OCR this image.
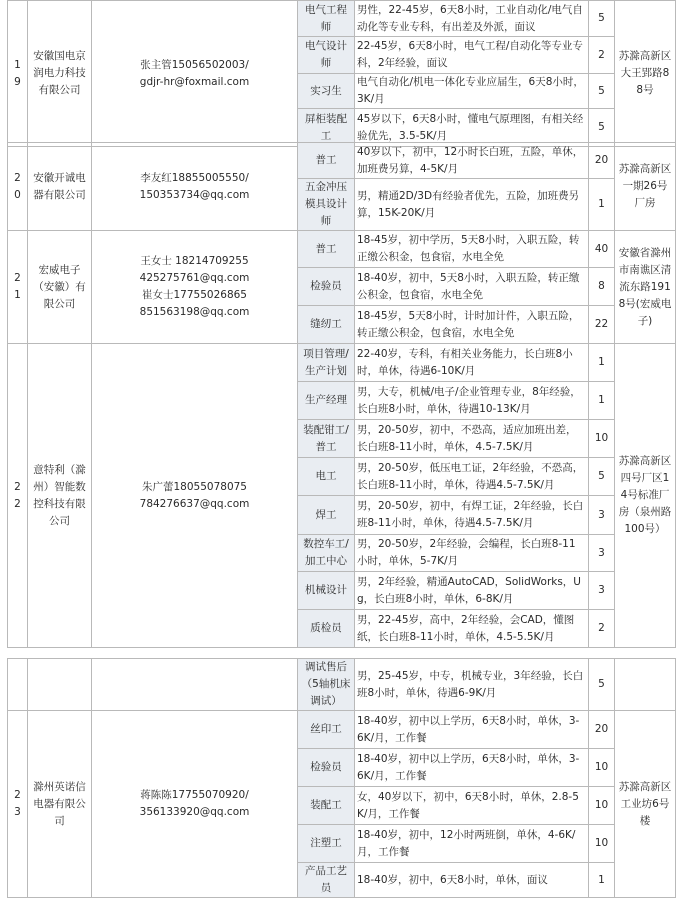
19	安徽国电京润电力科技有限公司	张主管15056502003/
gdjr-hr@foxmail.com	电气工程师	男性，22-45岁，6天8小时，工业自动化/电气自动化等专业专科，有出差及外派，面议	5	苏滁高新区大王郢路88号
			电气设计师	22-45岁，6天8小时，电气工程/自动化等专业专科，2年经验，面议	2	
			实习生	电气自动化/机电一体化专业应届生，6天8小时，3K/月	5	
			屏柜装配工	45岁以下，6天8小时，懂电气原理图，有相关经验优先，3.5-5K/月	5	
20	安徽开诚电器有限公司	李友红18855005550/
150353734@qq.com	普工	40岁以下，初中，12小时长白班，五险，单休，加班费另算，4-5K/月	20	苏滁高新区一期26号厂房
			五金冲压模具设计师	男，精通2D/3D有经验者优先，五险，加班费另算，15K-20K/月	1	
21	宏威电子（安徽）有限公司	王女士 18214709255
425275761@qq.com
崔女士17755026865
851563198@qq.com	普工	18-45岁，初中学历，5天8小时，入职五险，转正缴公积金，包食宿，水电全免	40	安徽省滁州市南谯区清流东路1918号(宏威电子)
			检验员	18-40岁，初中，5天8小时，入职五险，转正缴公积金，包食宿，水电全免	8	
			缝纫工	18-45岁，5天8小时，计时加计件，入职五险，转正缴公积金，包食宿，水电全免	22	
22	意特利（滁州）智能数控科技有限公司	朱广蕾18055078075
784276637@qq.com	项目管理/生产计划	22-40岁，专科，有相关业务能力，长白班8小时，单休，待遇6-10K/月	1	苏滁高新区四号厂区14号标准厂房（泉州路100号）
			生产经理	男，大专，机械/电子/企业管理专业，8年经验，长白班8小时，单休，待遇10-13K/月	1	
			装配钳工/普工	男，20-50岁，初中，不恐高，适应加班出差，长白班8-11小时，单休，4.5-7.5K/月	10	
			电工	男，20-50岁，低压电工证，2年经验，不恐高，长白班8-11小时，单休，待遇4.5-7.5K/月	5	
			焊工	男，20-50岁，初中，有焊工证，2年经验，长白班8-11小时，单休，待遇4.5-7.5K/月	3	
			数控车工/加工中心	男，20-50岁，2年经验，会编程，长白班8-11小时，单休，5-7K/月	3	
			机械设计	男，2年经验，精通AutoCAD，SolidWorks，Ug，长白班8小时，单休，6-8K/月	3	
			质检员	男，22-45岁，高中，2年经验，会CAD，懂图纸，长白班8-11小时，单休，4.5-5.5K/月	2	
			调试售后（5轴机床调试）	男，25-45岁，中专，机械专业，3年经验，长白班8小时，单休，待遇6-9K/月	5	
23	滁州英诺信电器有限公司	蒋陈陈17755070920/
356133920@qq.com	丝印工	18-40岁，初中以上学历，6天8小时，单休，3-6K/月，工作餐	20	苏滁高新区工业坊6号楼
			检验员	18-40岁，初中以上学历，6天8小时，单休，3-6K/月，工作餐	10	
			装配工	女，40岁以下，初中，6天8小时，单休，2.8-5K/月，工作餐	10	
			注塑工	18-40岁，初中，12小时两班倒，单休，4-6K/月，工作餐	10	
			产品工艺员	18-40岁，初中，6天8小时，单休，面议	1	
